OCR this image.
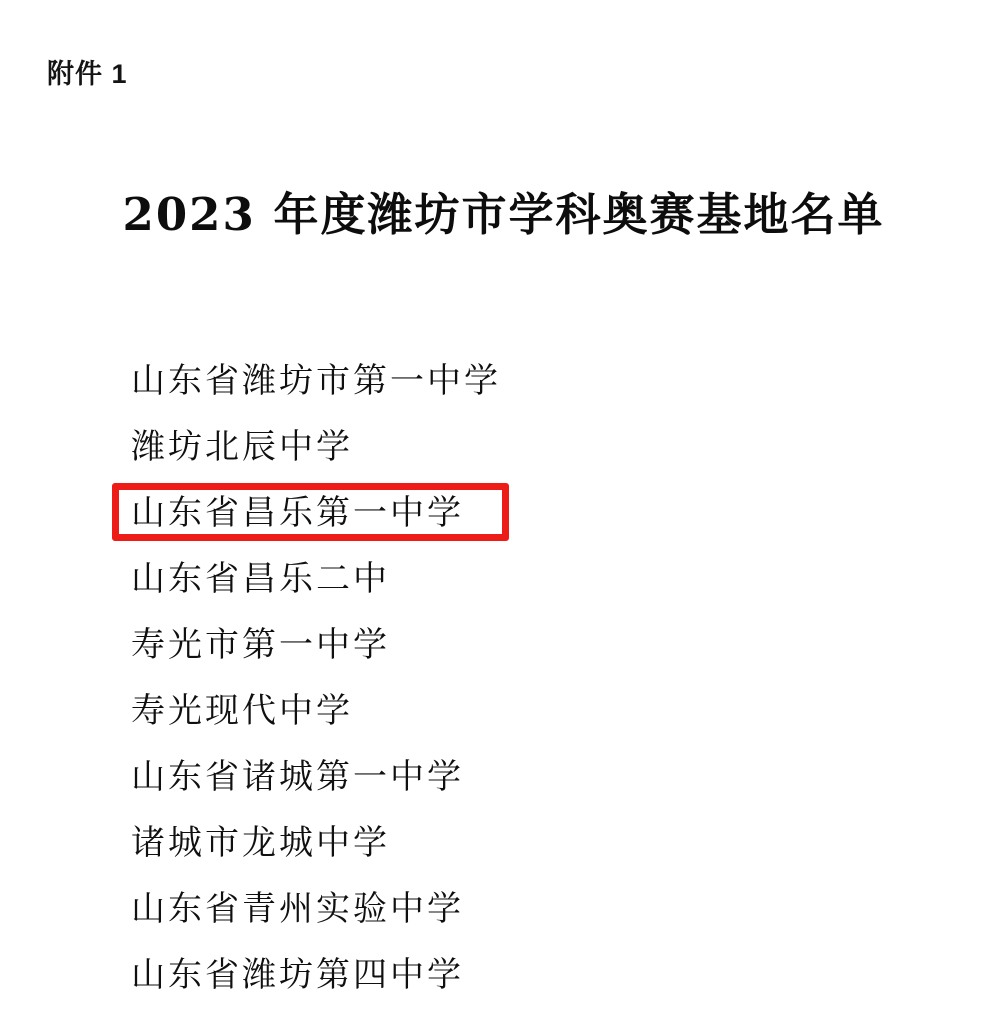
附件 1
2023 年度潍坊市学科奥赛基地名单
山东省潍坊市第一中学
潍坊北辰中学
山东省昌乐第一中学
山东省昌乐二中
寿光市第一中学
寿光现代中学
山东省诸城第一中学
诸城市龙城中学
山东省青州实验中学
山东省潍坊第四中学
